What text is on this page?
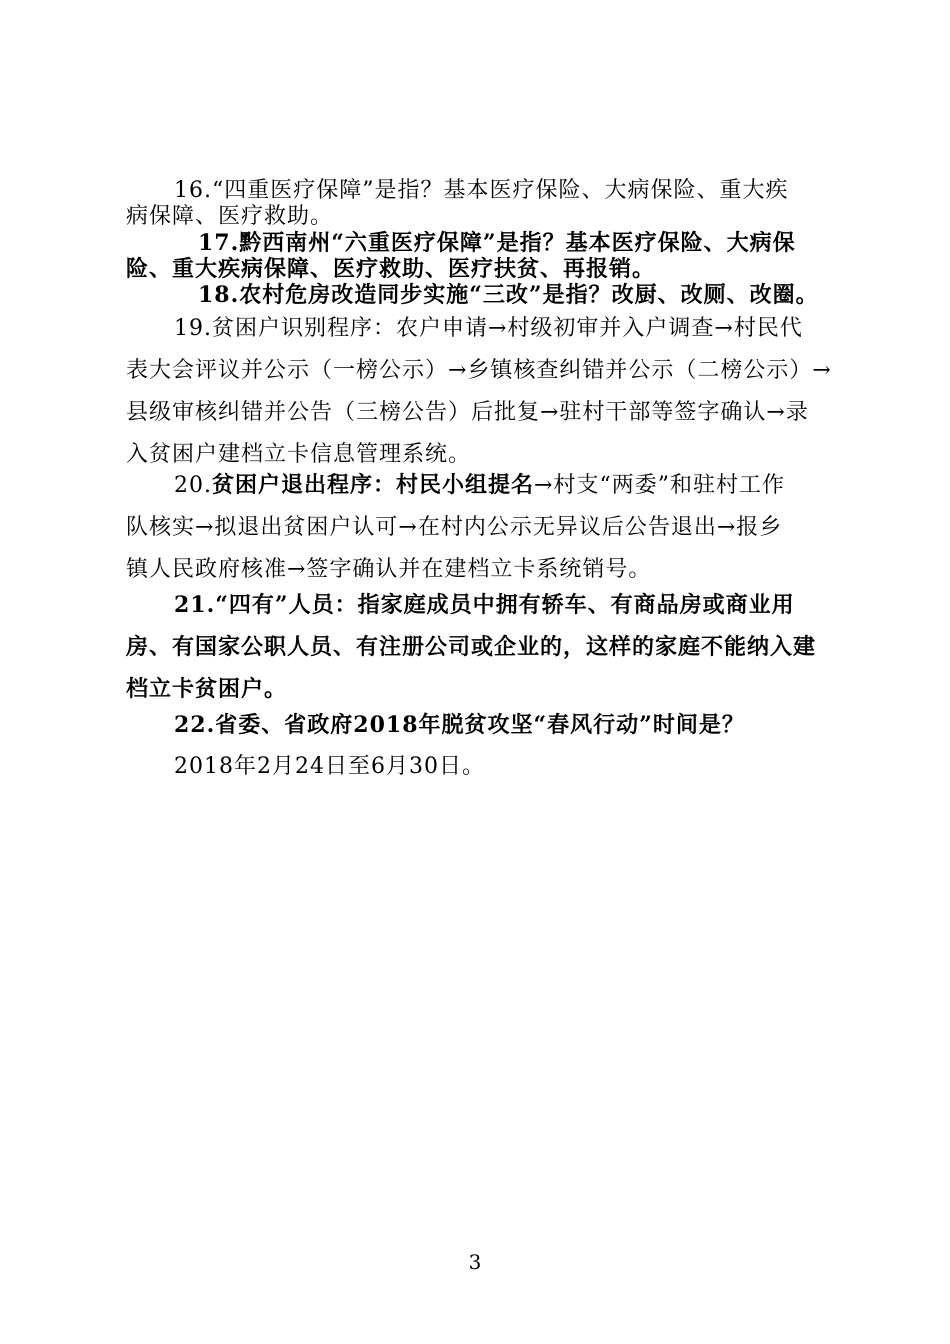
16.“四重医疗保障”是指？基本医疗保险、大病保险、重大疾
病保障、医疗救助。

17.黔西南州“六重医疗保障”是指？基本医疗保险、大病保
险、重大疾病保障、医疗救助、医疗扶贫、再报销。

18.农村危房改造同步实施“三改”是指？改厨、改厕、改圈。

19.贫困户识别程序：农户申请→村级初审并入户调查→村民代
表大会评议并公示（一榜公示）→乡镇核查纠错并公示（二榜公示）→
县级审核纠错并公告（三榜公告）后批复→驻村干部等签字确认→录
入贫困户建档立卡信息管理系统。

20.贫困户退出程序：村民小组提名→村支“两委”和驻村工作
队核实→拟退出贫困户认可→在村内公示无异议后公告退出→报乡
镇人民政府核准→签字确认并在建档立卡系统销号。

21.“四有”人员：指家庭成员中拥有轿车、有商品房或商业用
房、有国家公职人员、有注册公司或企业的，这样的家庭不能纳入建
档立卡贫困户。

22.省委、省政府2018年脱贫攻坚“春风行动”时间是？
2018年2月24日至6月30日。

3
